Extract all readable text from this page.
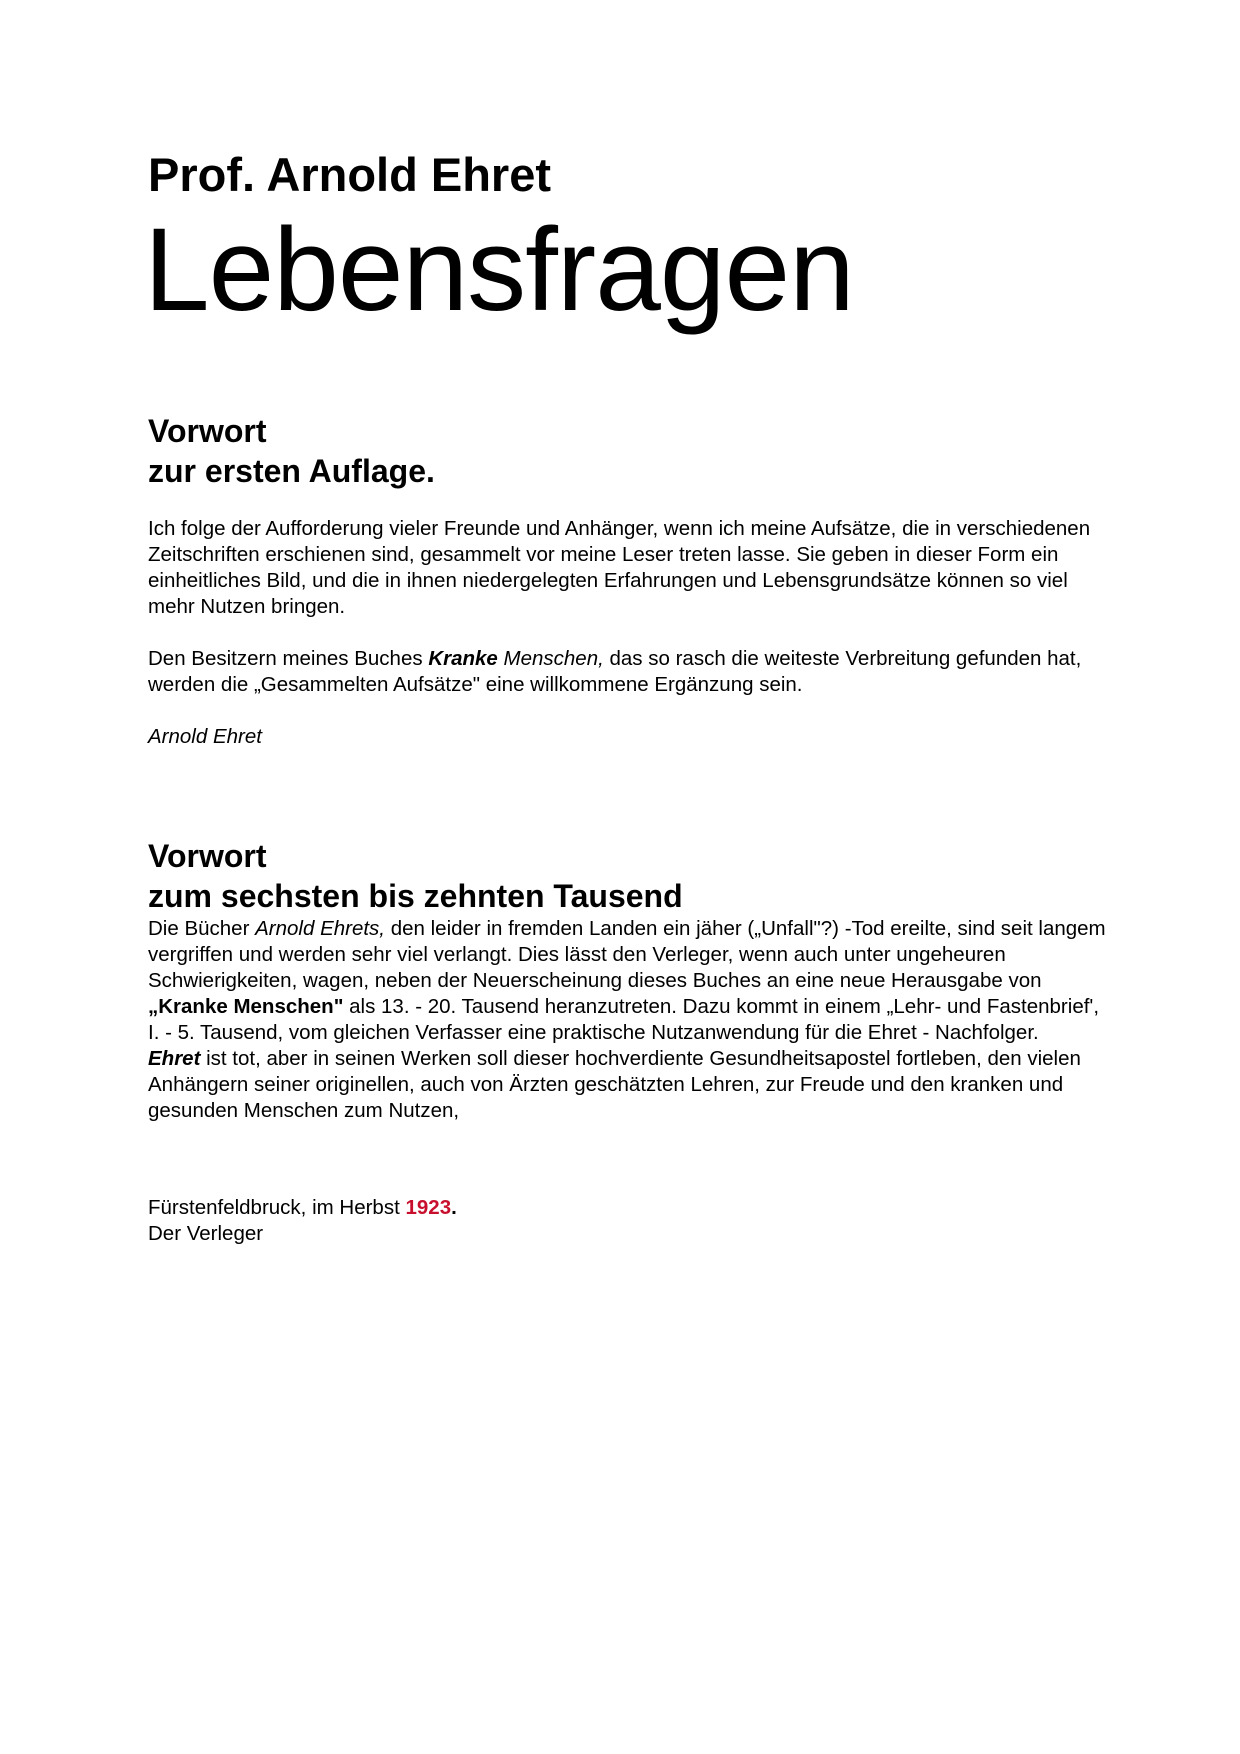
Prof. Arnold Ehret
Lebensfragen
Vorwort
zur ersten Auflage.

Ich folge der Aufforderung vieler Freunde und Anhänger, wenn ich meine Aufsätze, die in verschiedenen Zeitschriften erschienen sind, gesammelt vor meine Leser treten lasse. Sie geben in dieser Form ein einheitliches Bild, und die in ihnen niedergelegten Erfahrungen und Lebensgrundsätze können so viel mehr Nutzen bringen.

Den Besitzern meines Buches Kranke Menschen, das so rasch die weiteste Verbreitung gefunden hat, werden die „Gesammelten Aufsätze" eine willkommene Ergänzung sein.

Arnold Ehret

Vorwort
zum sechsten bis zehnten Tausend

Die Bücher Arnold Ehrets, den leider in fremden Landen ein jäher („Unfall"?) -Tod ereilte, sind seit langem vergriffen und werden sehr viel verlangt. Dies lässt den Verleger, wenn auch unter ungeheuren Schwierigkeiten, wagen, neben der Neuerscheinung dieses Buches an eine neue Herausgabe von „Kranke Menschen" als 13. - 20. Tausend heranzutreten. Dazu kommt in einem „Lehr- und Fastenbrief', I. - 5. Tausend, vom gleichen Verfasser eine praktische Nutzanwendung für die Ehret - Nachfolger.
Ehret ist tot, aber in seinen Werken soll dieser hochverdiente Gesundheitsapostel fortleben, den vielen Anhängern seiner originellen, auch von Ärzten geschätzten Lehren, zur Freude und den kranken und gesunden Menschen zum Nutzen,

Fürstenfeldbruck, im Herbst 1923.
Der Verleger
